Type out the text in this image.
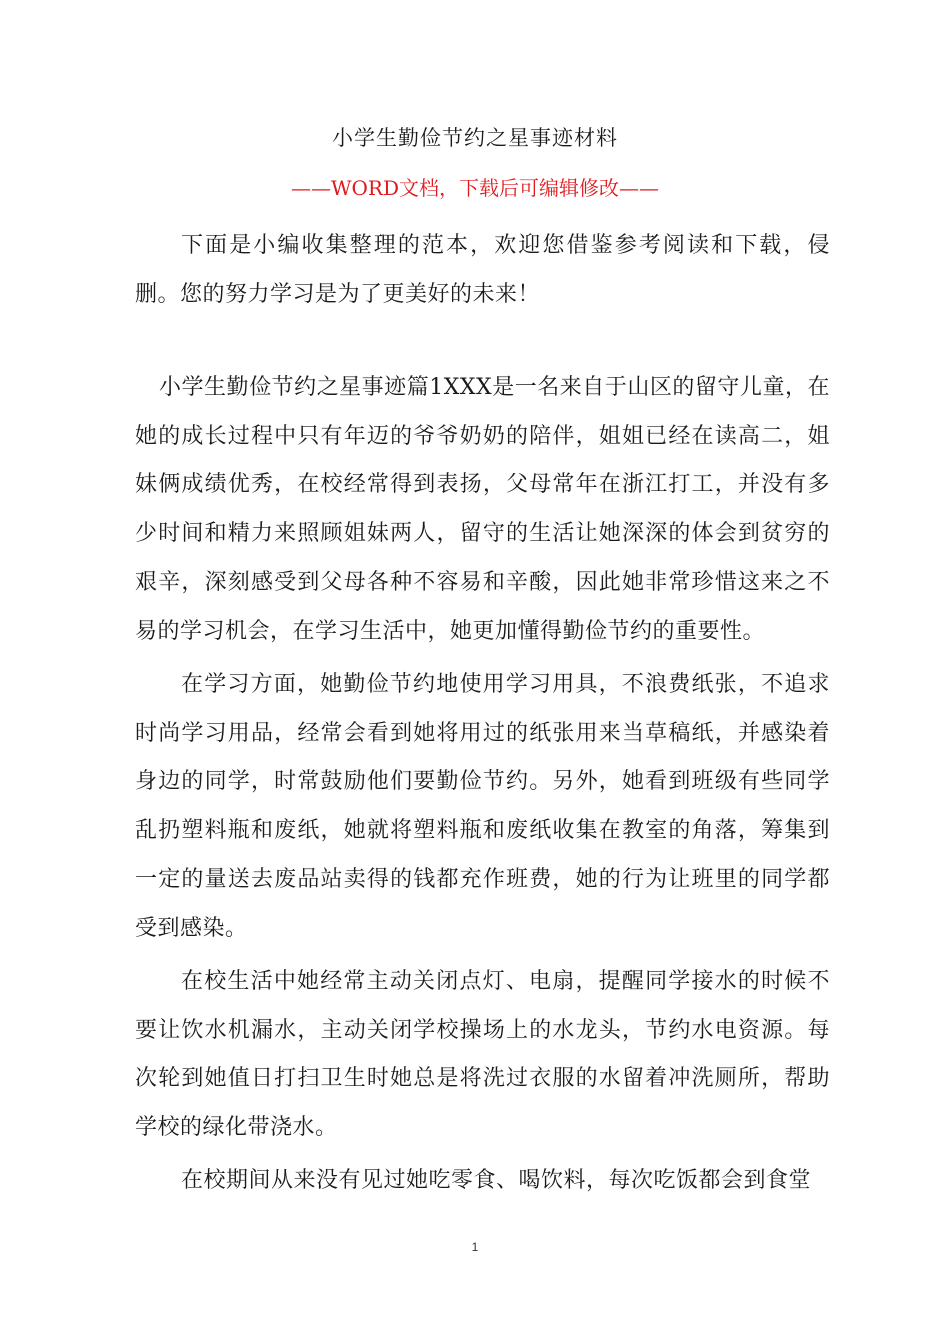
小学生勤俭节约之星事迹材料
——WORD文档，下载后可编辑修改——

下面是小编收集整理的范本，欢迎您借鉴参考阅读和下载，侵删。您的努力学习是为了更美好的未来！

小学生勤俭节约之星事迹篇1XXX是一名来自于山区的留守儿童，在她的成长过程中只有年迈的爷爷奶奶的陪伴，姐姐已经在读高二，姐妹俩成绩优秀，在校经常得到表扬，父母常年在浙江打工，并没有多少时间和精力来照顾姐妹两人，留守的生活让她深深的体会到贫穷的艰辛，深刻感受到父母各种不容易和辛酸，因此她非常珍惜这来之不易的学习机会，在学习生活中，她更加懂得勤俭节约的重要性。

在学习方面，她勤俭节约地使用学习用具，不浪费纸张，不追求时尚学习用品，经常会看到她将用过的纸张用来当草稿纸，并感染着身边的同学，时常鼓励他们要勤俭节约。另外，她看到班级有些同学乱扔塑料瓶和废纸，她就将塑料瓶和废纸收集在教室的角落，筹集到一定的量送去废品站卖得的钱都充作班费，她的行为让班里的同学都受到感染。

在校生活中她经常主动关闭点灯、电扇，提醒同学接水的时候不要让饮水机漏水，主动关闭学校操场上的水龙头，节约水电资源。每次轮到她值日打扫卫生时她总是将洗过衣服的水留着冲洗厕所，帮助学校的绿化带浇水。

在校期间从来没有见过她吃零食、喝饮料，每次吃饭都会到食堂

1
